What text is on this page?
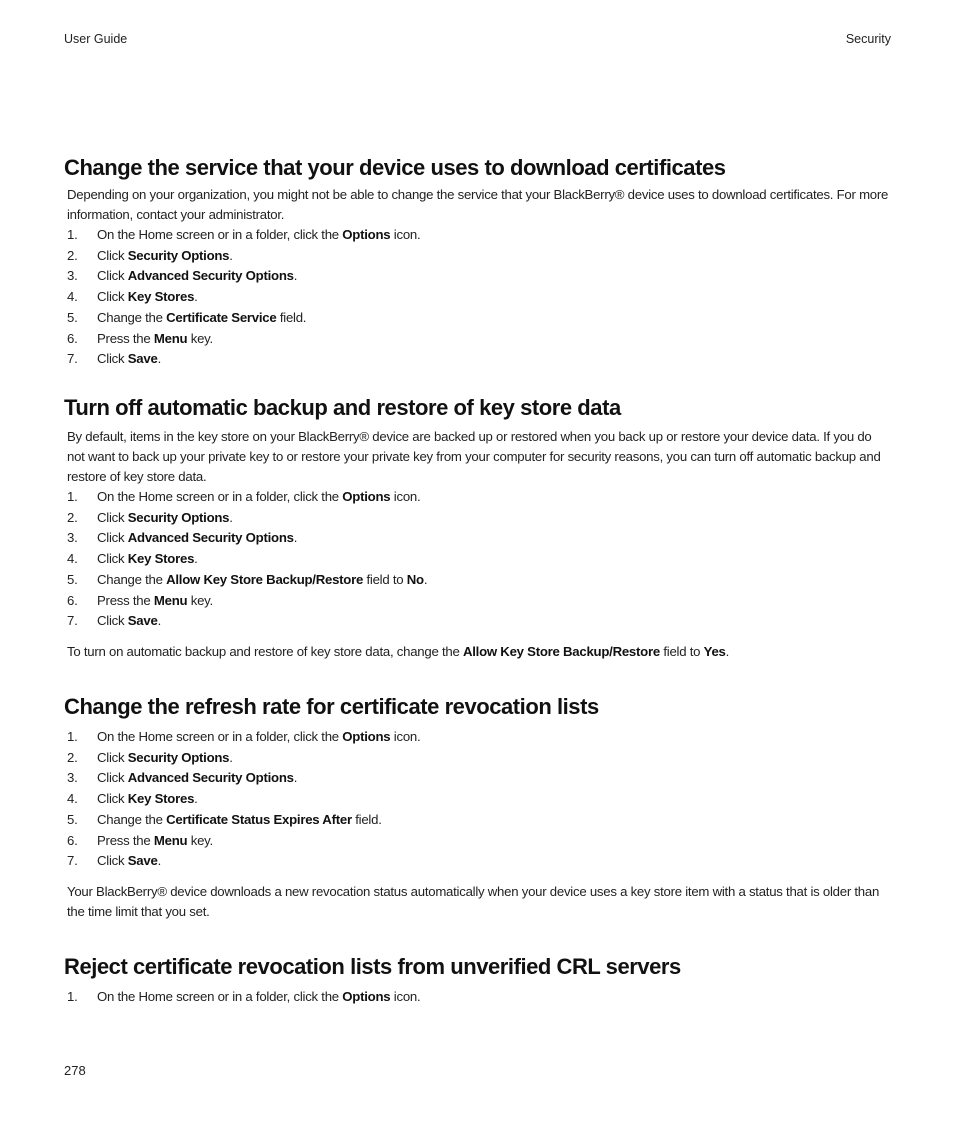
User Guide	Security
Change the service that your device uses to download certificates

Depending on your organization, you might not be able to change the service that your BlackBerry® device uses to download certificates. For more information, contact your administrator.

1. On the Home screen or in a folder, click the Options icon.
2. Click Security Options.
3. Click Advanced Security Options.
4. Click Key Stores.
5. Change the Certificate Service field.
6. Press the Menu key.
7. Click Save.
Turn off automatic backup and restore of key store data

By default, items in the key store on your BlackBerry® device are backed up or restored when you back up or restore your device data. If you do not want to back up your private key to or restore your private key from your computer for security reasons, you can turn off automatic backup and restore of key store data.

1. On the Home screen or in a folder, click the Options icon.
2. Click Security Options.
3. Click Advanced Security Options.
4. Click Key Stores.
5. Change the Allow Key Store Backup/Restore field to No.
6. Press the Menu key.
7. Click Save.

To turn on automatic backup and restore of key store data, change the Allow Key Store Backup/Restore field to Yes.

Change the refresh rate for certificate revocation lists
1. On the Home screen or in a folder, click the Options icon.
2. Click Security Options.
3. Click Advanced Security Options.
4. Click Key Stores.
5. Change the Certificate Status Expires After field.
6. Press the Menu key.
7. Click Save.

Your BlackBerry® device downloads a new revocation status automatically when your device uses a key store item with a status that is older than the time limit that you set.

Reject certificate revocation lists from unverified CRL servers
1. On the Home screen or in a folder, click the Options icon.
278
